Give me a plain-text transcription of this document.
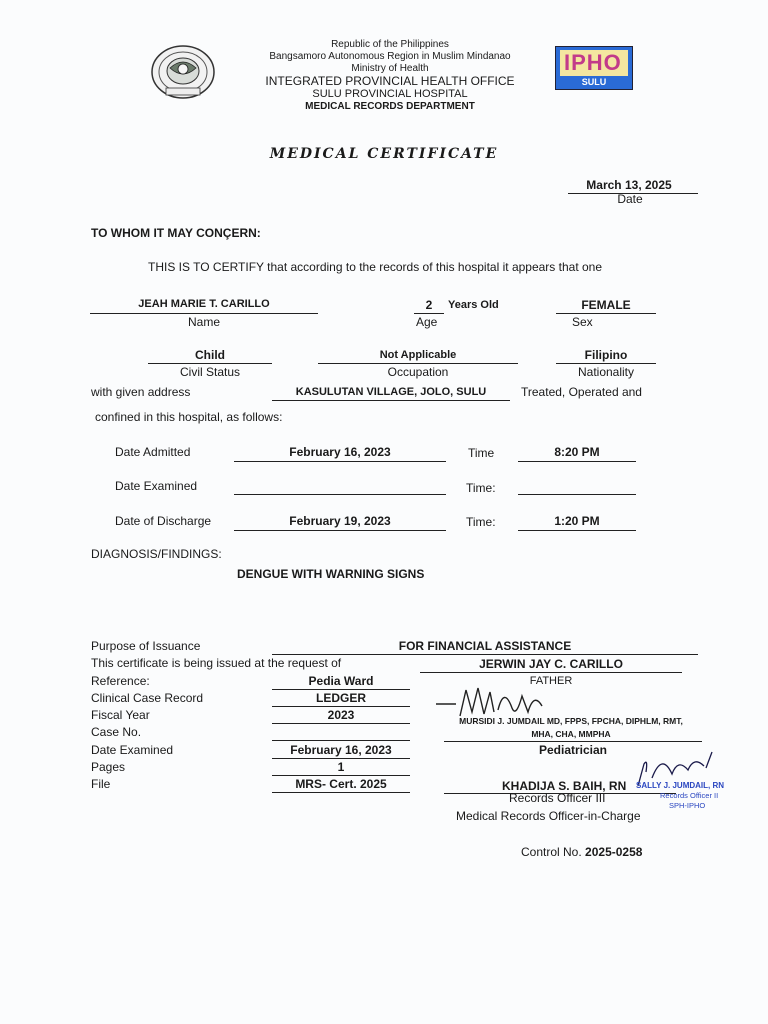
Republic of the Philippines
Bangsamoro Autonomous Region in Muslim Mindanao
Ministry of Health
INTEGRATED PROVINCIAL HEALTH OFFICE
SULU PROVINCIAL HOSPITAL
MEDICAL RECORDS DEPARTMENT
IPHO
SULU
MEDICAL CERTIFICATE
March 13, 2025
Date
TO WHOM IT MAY CONÇERN:
THIS IS TO CERTIFY that according to the records of this hospital it appears that one
JEAH MARIE T. CARILLO
Name
2	Years Old
Age
FEMALE
Sex
Child
Civil Status
Not Applicable
Occupation
Filipino
Nationality
with given address	KASULUTAN VILLAGE, JOLO, SULU	Treated, Operated and
confined in this hospital, as follows:
Date Admitted	February 16, 2023	Time	8:20 PM
Date Examined	Time:
Date of Discharge	February 19, 2023	Time:	1:20 PM
DIAGNOSIS/FINDINGS:
DENGUE WITH WARNING SIGNS
Purpose of Issuance	FOR FINANCIAL ASSISTANCE
This certificate is being issued at the request of	JERWIN JAY C. CARILLO
FATHER
Reference:	Pedia Ward
Clinical Case Record	LEDGER
Fiscal Year	2023
Case No.
Date Examined	February 16, 2023
Pages	1
File	MRS- Cert. 2025
MURSIDI J. JUMDAIL MD, FPPS, FPCHA, DIPHLM, RMT,
MHA, CHA, MMPHA
Pediatrician
KHADIJA S. BAIH, RN
Records Officer III
Medical Records Officer-in-Charge
SALLY J. JUMDAIL, RN
Records Officer II
SPH-IPHO
Control No. 2025-0258
